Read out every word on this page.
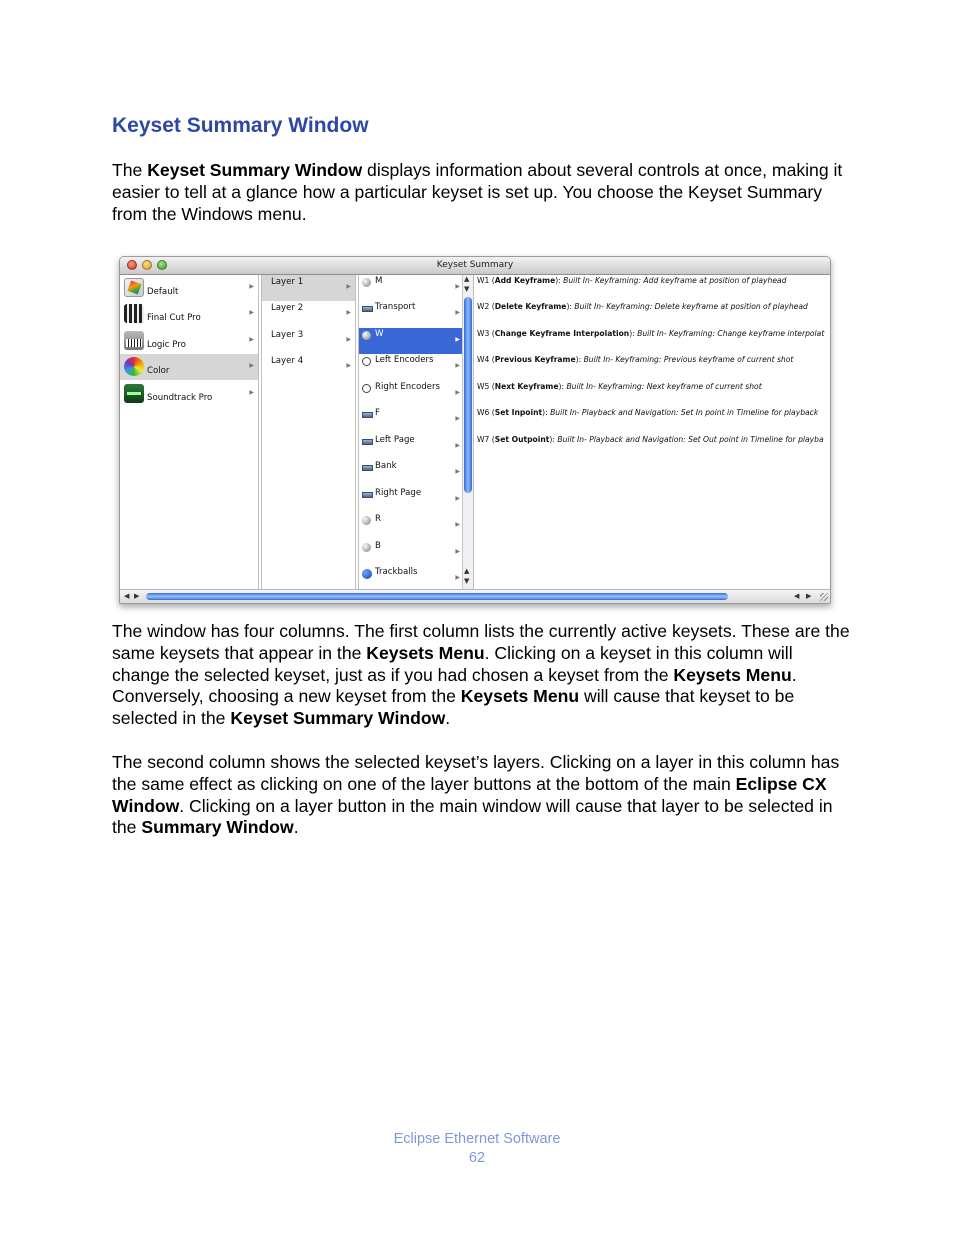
Keyset Summary Window

The Keyset Summary Window displays information about several controls at once, making it easier to tell at a glance how a particular keyset is set up. You choose the Keyset Summary from the Windows menu.

Keyset Summary
Default
▶
Final Cut Pro
▶
Logic Pro
▶
Color
▶
Soundtrack Pro
▶
Layer 1	▶
Layer 2	▶
Layer 3	▶
Layer 4	▶
M
▶
Transport
▶
W
▶
Left Encoders
▶
Right Encoders
▶
F
▶
Left Page
▶
Bank
▶
Right Page
▶
R
▶
B
▶
Trackballs
▶
▲
▼
▲
▼
W1 (Add Keyframe): Built In- Keyframing: Add keyframe at position of playhead
W2 (Delete Keyframe): Built In- Keyframing: Delete keyframe at position of playhead
W3 (Change Keyframe Interpolation): Built In- Keyframing: Change keyframe interpolat
W4 (Previous Keyframe): Built In- Keyframing: Previous keyframe of current shot
W5 (Next Keyframe): Built In- Keyframing: Next keyframe of current shot
W6 (Set Inpoint): Built In- Playback and Navigation: Set In point in Timeline for playback
W7 (Set Outpoint): Built In- Playback and Navigation: Set Out point in Timeline for playba
◀ ▶	◀ ▶

The window has four columns. The first column lists the currently active keysets. These are the same keysets that appear in the Keysets Menu. Clicking on a keyset in this column will change the selected keyset, just as if you had chosen a keyset from the Keysets Menu. Conversely, choosing a new keyset from the Keysets Menu will cause that keyset to be selected in the Keyset Summary Window.

The second column shows the selected keyset’s layers. Clicking on a layer in this column has the same effect as clicking on one of the layer buttons at the bottom of the main Eclipse CX Window. Clicking on a layer button in the main window will cause that layer to be selected in the Summary Window.

Eclipse Ethernet Software
62
